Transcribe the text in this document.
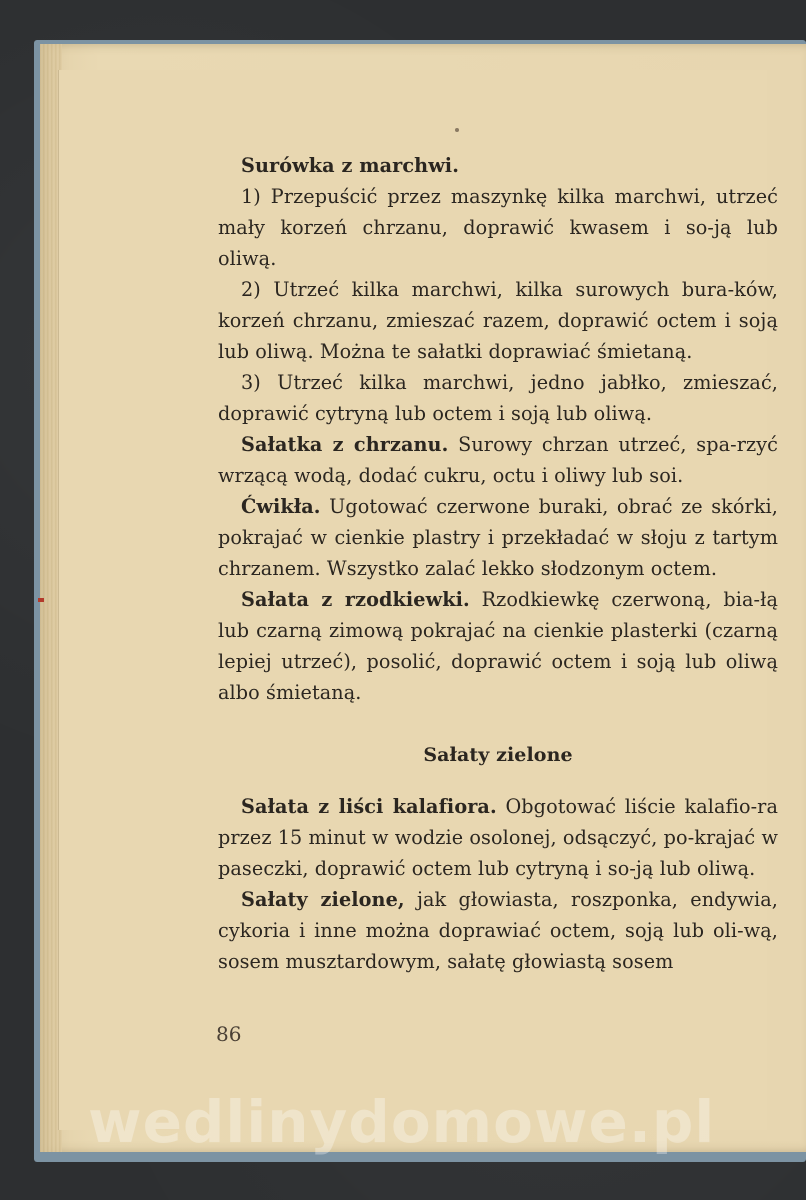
Surówka z marchwi.

1) Przepuścić przez maszynkę kilka marchwi, utrzeć mały korzeń chrzanu, doprawić kwasem i so-ją lub oliwą.

2) Utrzeć kilka marchwi, kilka surowych bura-ków, korzeń chrzanu, zmieszać razem, doprawić octem i soją lub oliwą. Można te sałatki doprawiać śmietaną.

3) Utrzeć kilka marchwi, jedno jabłko, zmieszać, doprawić cytryną lub octem i soją lub oliwą.

Sałatka z chrzanu. Surowy chrzan utrzeć, spa-rzyć wrzącą wodą, dodać cukru, octu i oliwy lub soi.

Ćwikła. Ugotować czerwone buraki, obrać ze skórki, pokrajać w cienkie plastry i przekładać w słoju z tartym chrzanem. Wszystko zalać lekko słodzonym octem.

Sałata z rzodkiewki. Rzodkiewkę czerwoną, bia-łą lub czarną zimową pokrajać na cienkie plasterki (czarną lepiej utrzeć), posolić, doprawić octem i soją lub oliwą albo śmietaną.

Sałaty zielone

Sałata z liści kalafiora. Obgotować liście kalafio-ra przez 15 minut w wodzie osolonej, odsączyć, po-krajać w paseczki, doprawić octem lub cytryną i so-ją lub oliwą.

Sałaty zielone, jak głowiasta, roszponka, endywia, cykoria i inne można doprawiać octem, soją lub oli-wą, sosem musztardowym, sałatę głowiastą sosem

86
wedlinydomowe.pl
